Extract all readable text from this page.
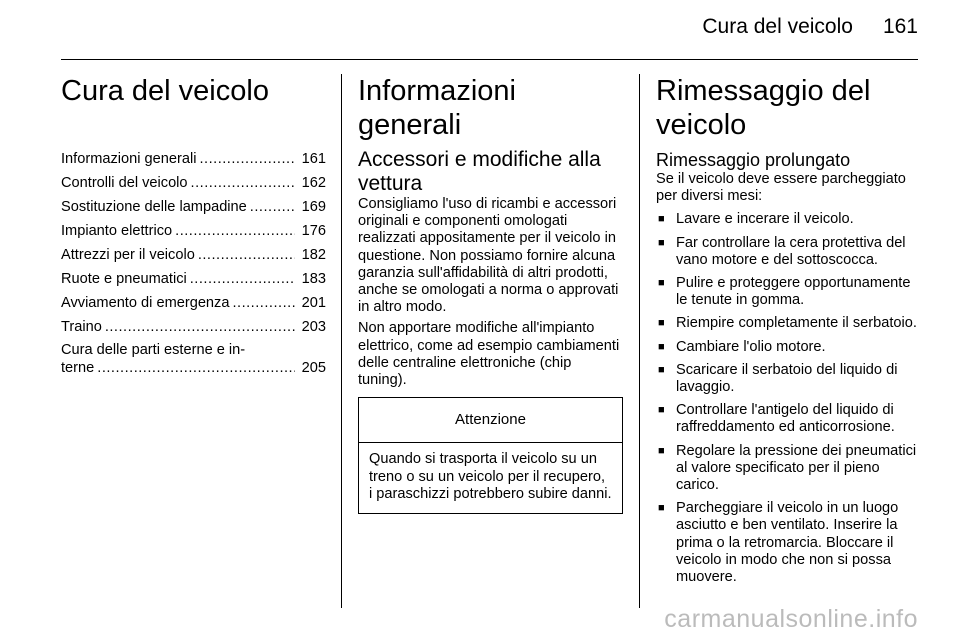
Cura del veicolo 161
Cura del veicolo
Informazioni generali .....	161
Controlli del veicolo .....	162
Sostituzione delle lampadine .....	169
Impianto elettrico .....	176
Attrezzi per il veicolo .....	182
Ruote e pneumatici .....	183
Avviamento di emergenza .....	201
Traino .....	203
Cura delle parti esterne e in-
terne .....	205
Informazioni generali
Accessori e modifiche alla vettura

Consigliamo l'uso di ricambi e accessori originali e componenti omologati realizzati appositamente per il veicolo in questione. Non possiamo fornire alcuna garanzia sull'affidabilità di altri prodotti, anche se omologati a norma o approvati in altro modo.

Non apportare modifiche all'impianto elettrico, come ad esempio cambiamenti delle centraline elettroniche (chip tuning).

Attenzione
Quando si trasporta il veicolo su un treno o su un veicolo per il recupero, i paraschizzi potrebbero subire danni.
Rimessaggio del veicolo
Rimessaggio prolungato

Se il veicolo deve essere parcheggiato per diversi mesi:

■ Lavare e incerare il veicolo.
■ Far controllare la cera protettiva del vano motore e del sottoscocca.
■ Pulire e proteggere opportunamente le tenute in gomma.
■ Riempire completamente il serbatoio.
■ Cambiare l'olio motore.
■ Scaricare il serbatoio del liquido di lavaggio.
■ Controllare l'antigelo del liquido di raffreddamento ed anticorrosione.
■ Regolare la pressione dei pneumatici al valore specificato per il pieno carico.
■ Parcheggiare il veicolo in un luogo asciutto e ben ventilato. Inserire la prima o la retromarcia. Bloccare il veicolo in modo che non si possa muovere.
carmanualsonline.info
